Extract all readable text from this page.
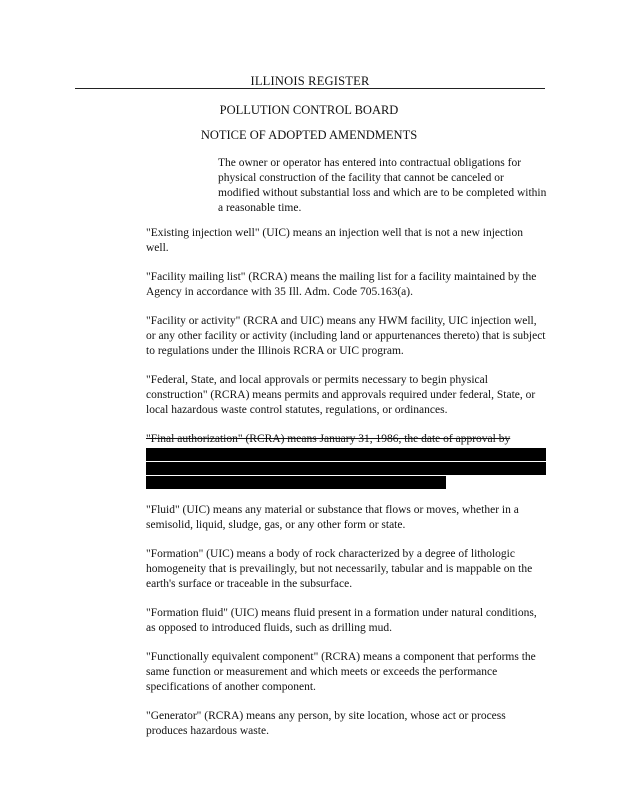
ILLINOIS REGISTER
POLLUTION CONTROL BOARD
NOTICE OF ADOPTED AMENDMENTS
The owner or operator has entered into contractual obligations for physical construction of the facility that cannot be canceled or modified without substantial loss and which are to be completed within a reasonable time.

"Existing injection well" (UIC) means an injection well that is not a new injection well.

"Facility mailing list" (RCRA) means the mailing list for a facility maintained by the Agency in accordance with 35 Ill. Adm. Code 705.163(a).

"Facility or activity" (RCRA and UIC) means any HWM facility, UIC injection well, or any other facility or activity (including land or appurtenances thereto) that is subject to regulations under the Illinois RCRA or UIC program.

"Federal, State, and local approvals or permits necessary to begin physical construction" (RCRA) means permits and approvals required under federal, State, or local hazardous waste control statutes, regulations, or ordinances.

"Final authorization" (RCRA) means January 31, 1986, the date of approval by

"Fluid" (UIC) means any material or substance that flows or moves, whether in a semisolid, liquid, sludge, gas, or any other form or state.

"Formation" (UIC) means a body of rock characterized by a degree of lithologic homogeneity that is prevailingly, but not necessarily, tabular and is mappable on the earth's surface or traceable in the subsurface.

"Formation fluid" (UIC) means fluid present in a formation under natural conditions, as opposed to introduced fluids, such as drilling mud.

"Functionally equivalent component" (RCRA) means a component that performs the same function or measurement and which meets or exceeds the performance specifications of another component.

"Generator" (RCRA) means any person, by site location, whose act or process produces hazardous waste.
